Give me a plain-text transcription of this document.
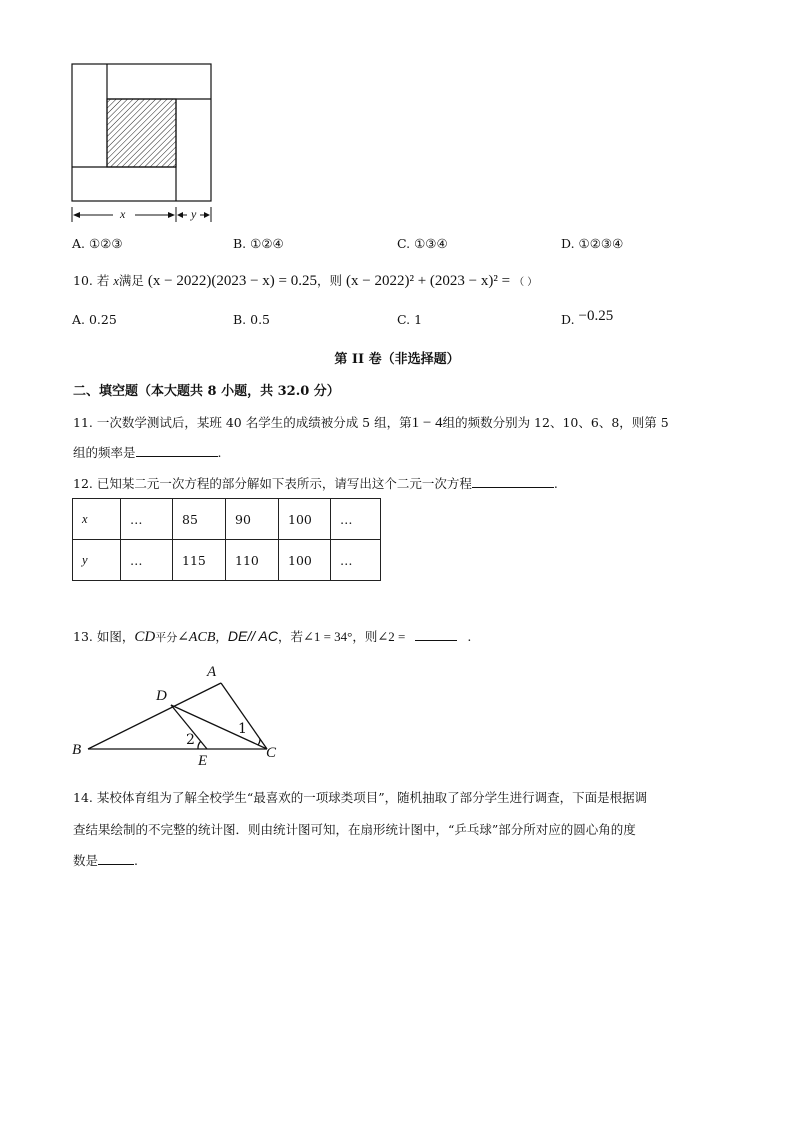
x	y
A. ①②③	B. ①②④	C. ①③④	D. ①②③④
10. 若 x满足 (x − 2022)(2023 − x) = 0.25，则 (x − 2022)² + (2023 − x)² = （ ）
A. 0.25	B. 0.5	C. 1	D. −0.25
第 II 卷（非选择题）
二、填空题（本大题共 8 小题，共 32.0 分）
11. 一次数学测试后，某班 40 名学生的成绩被分成 5 组，第1 − 4组的频数分别为 12、10、6、8，则第 5
组的频率是	.
12. 已知某二元一次方程的部分解如下表所示，请写出这个二元一次方程	.
x	…	85	90	100	…
y	…	115	110	100	…
13. 如图，CD平分∠ACB，DE// AC，若∠1 = 34°，则∠2 =	.
A
B	C
D
E
1
2
14. 某校体育组为了解全校学生“最喜欢的一项球类项目”，随机抽取了部分学生进行调查，下面是根据调
查结果绘制的不完整的统计图．则由统计图可知，在扇形统计图中，“乒乓球”部分所对应的圆心角的度
数是	.
